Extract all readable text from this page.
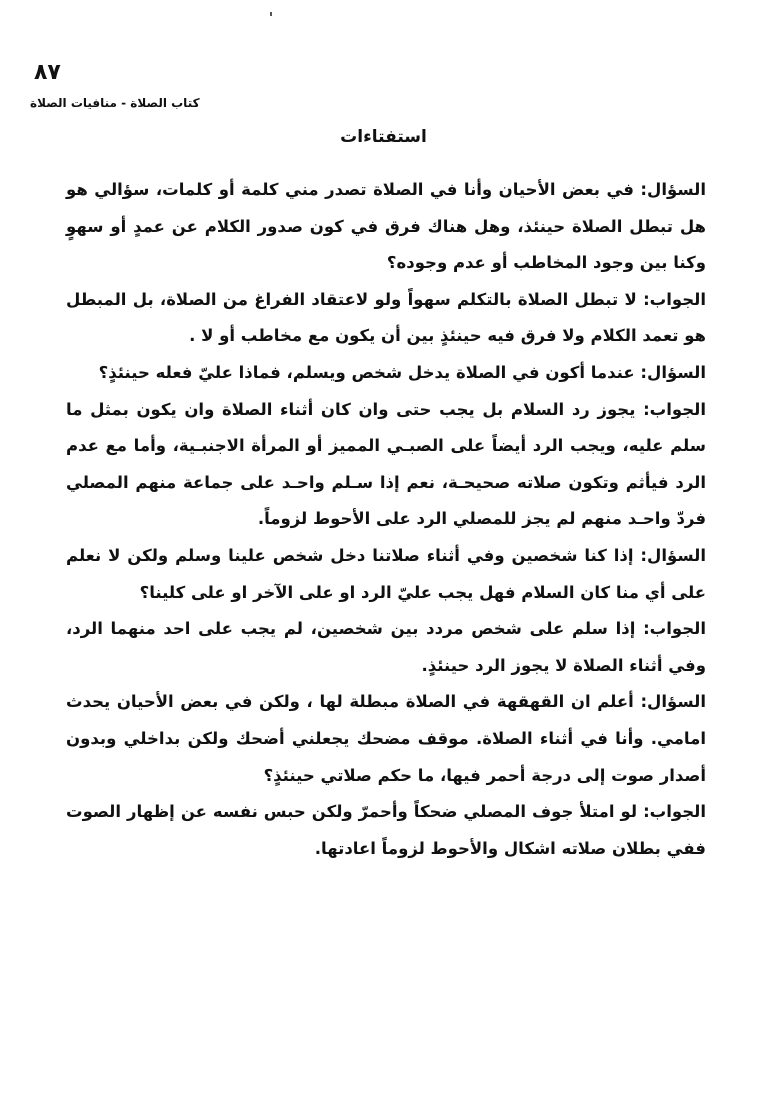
٨٧
كتاب الصلاة - منافيات الصلاة
استفتاءات

السؤال: في بعض الأحيان وأنا في الصلاة تصدر مني كلمة أو كلمات، سؤالي هو هل تبطل الصلاة حينئذ، وهل هناك فرق في كون صدور الكلام عن عمدٍ أو سهوٍ وكنا بين وجود المخاطب أو عدم وجوده؟

الجواب: لا تبطل الصلاة بالتكلم سهواً ولو لاعتقاد الفراغ من الصلاة، بل المبطل هو تعمد الكلام ولا فرق فيه حينئذٍ بين أن يكون مع مخاطب أو لا .

السؤال: عندما أكون في الصلاة يدخل شخص ويسلم، فماذا عليّ فعله حينئذٍ؟

الجواب: يجوز رد السلام بل يجب حتى وان كان أثناء الصلاة وان يكون بمثل ما سلم عليه، ويجب الرد أيضاً على الصبـي المميز أو المرأة الاجنبـية، وأما مع عدم الرد فيأثم وتكون صلاته صحيحـة، نعم إذا سـلم واحـد على جماعة منهم المصلي فردّ واحـد منهم لم يجز للمصلي الرد على الأحوط لزوماً.

السؤال: إذا كنا شخصين وفي أثناء صلاتنا دخل شخص علينا وسلم ولكن لا نعلم على أي منا كان السلام فهل يجب عليّ الرد او على الآخر او على كلينا؟

الجواب: إذا سلم على شخص مردد بين شخصين، لم يجب على احد منهما الرد، وفي أثناء الصلاة لا يجوز الرد حينئذٍ.

السؤال: أعلم ان القهقهة في الصلاة مبطلة لها ، ولكن في بعض الأحيان يحدث امامي. وأنا في أثناء الصلاة. موقف مضحك يجعلني أضحك ولكن بداخلي وبدون أصدار صوت إلى درجة أحمر فيها، ما حكم صلاتي حينئذٍ؟

الجواب: لو امتلأ جوف المصلي ضحكاً وأحمرّ ولكن حبس نفسه عن إظهار الصوت ففي بطلان صلاته اشكال والأحوط لزوماً اعادتها.
